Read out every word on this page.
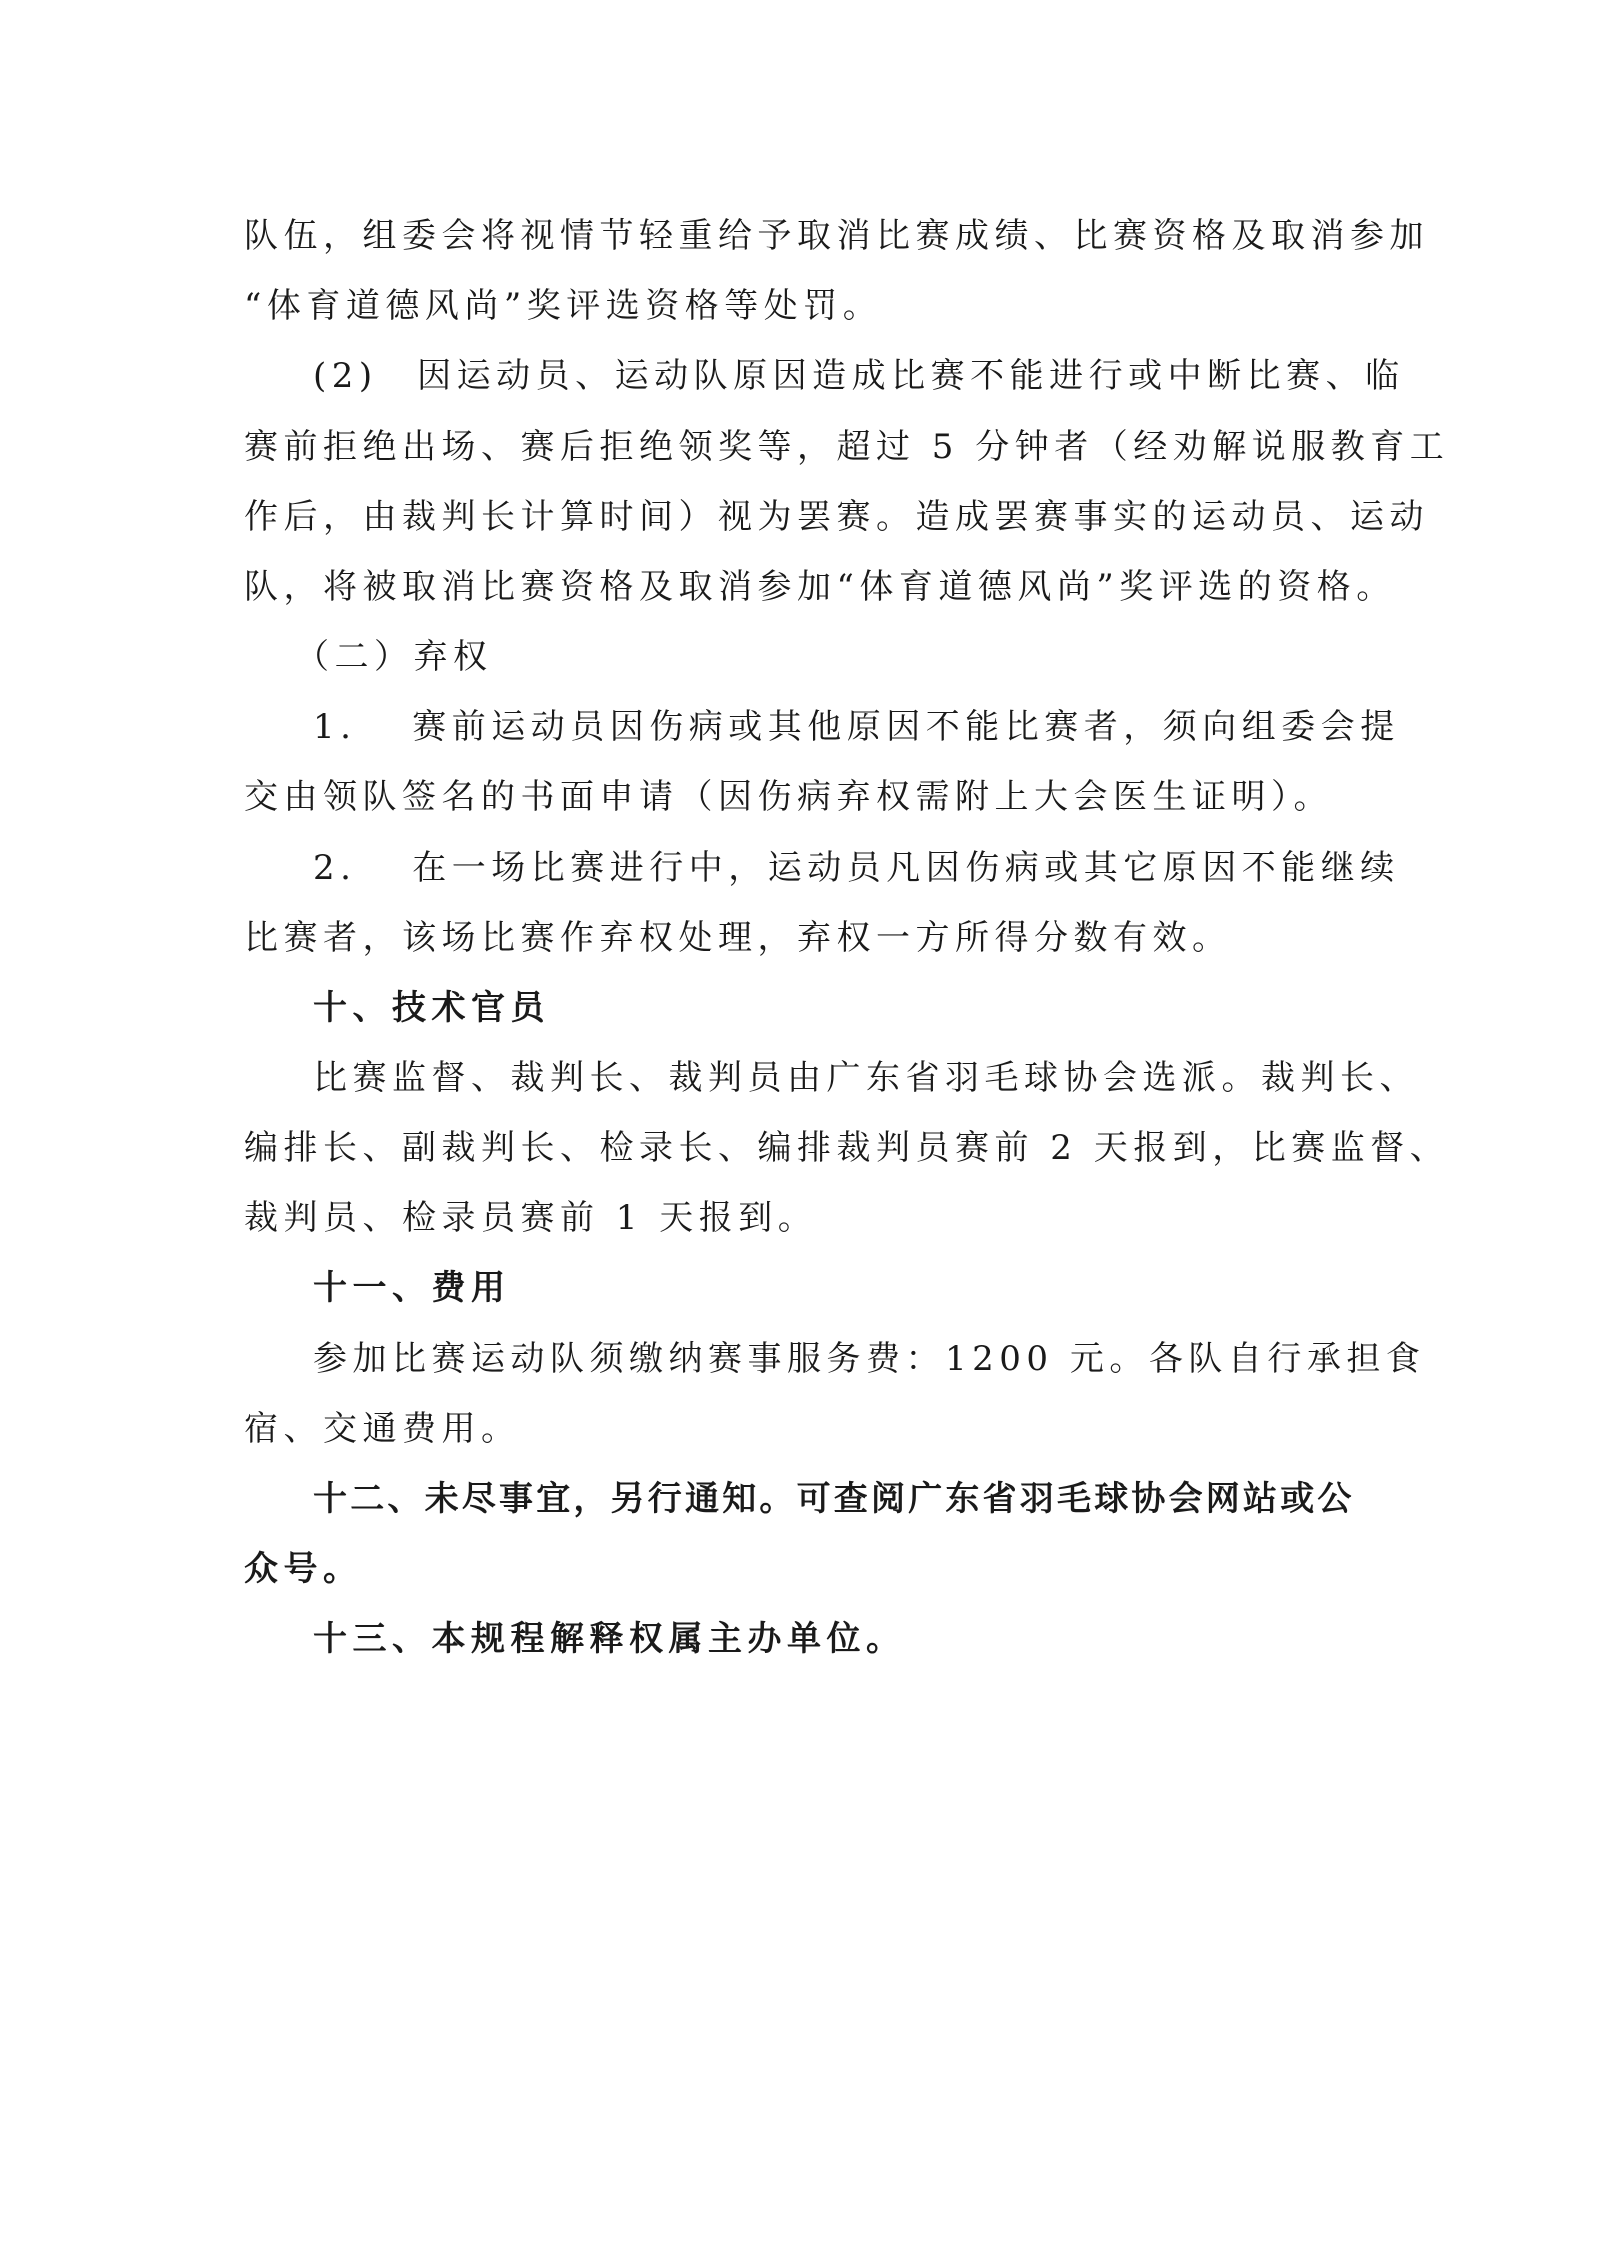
队伍，组委会将视情节轻重给予取消比赛成绩、比赛资格及取消参加
“体育道德风尚”奖评选资格等处罚。
(2)　因运动员、运动队原因造成比赛不能进行或中断比赛、临
赛前拒绝出场、赛后拒绝领奖等，超过 5 分钟者（经劝解说服教育工
作后，由裁判长计算时间）视为罢赛。造成罢赛事实的运动员、运动
队，将被取消比赛资格及取消参加“体育道德风尚”奖评选的资格。
（二）弃权
1.　 赛前运动员因伤病或其他原因不能比赛者，须向组委会提
交由领队签名的书面申请（因伤病弃权需附上大会医生证明）。
2.　 在一场比赛进行中，运动员凡因伤病或其它原因不能继续
比赛者，该场比赛作弃权处理，弃权一方所得分数有效。
十、技术官员
比赛监督、裁判长、裁判员由广东省羽毛球协会选派。裁判长、
编排长、副裁判长、检录长、编排裁判员赛前 2 天报到，比赛监督、
裁判员、检录员赛前 1 天报到。
十一、费用
参加比赛运动队须缴纳赛事服务费：1200 元。各队自行承担食
宿、交通费用。
十二、未尽事宜，另行通知。可查阅广东省羽毛球协会网站或公
众号。
十三、本规程解释权属主办单位。
